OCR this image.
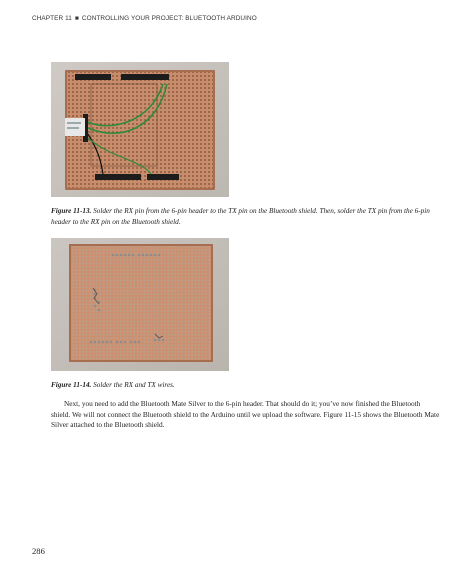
CHAPTER 11 ■ CONTROLLING YOUR PROJECT: BLUETOOTH ARDUINO
Figure 11-13. Solder the RX pin from the 6-pin header to the TX pin on the Bluetooth shield. Then, solder the TX pin from the 6-pin header to the RX pin on the Bluetooth shield.
Figure 11-14. Solder the RX and TX wires.

Next, you need to add the Bluetooth Mate Silver to the 6-pin header. That should do it; you’ve now finished the Bluetooth shield. We will not connect the Bluetooth shield to the Arduino until we upload the software. Figure 11-15 shows the Bluetooth Mate Silver attached to the Bluetooth shield.

286
